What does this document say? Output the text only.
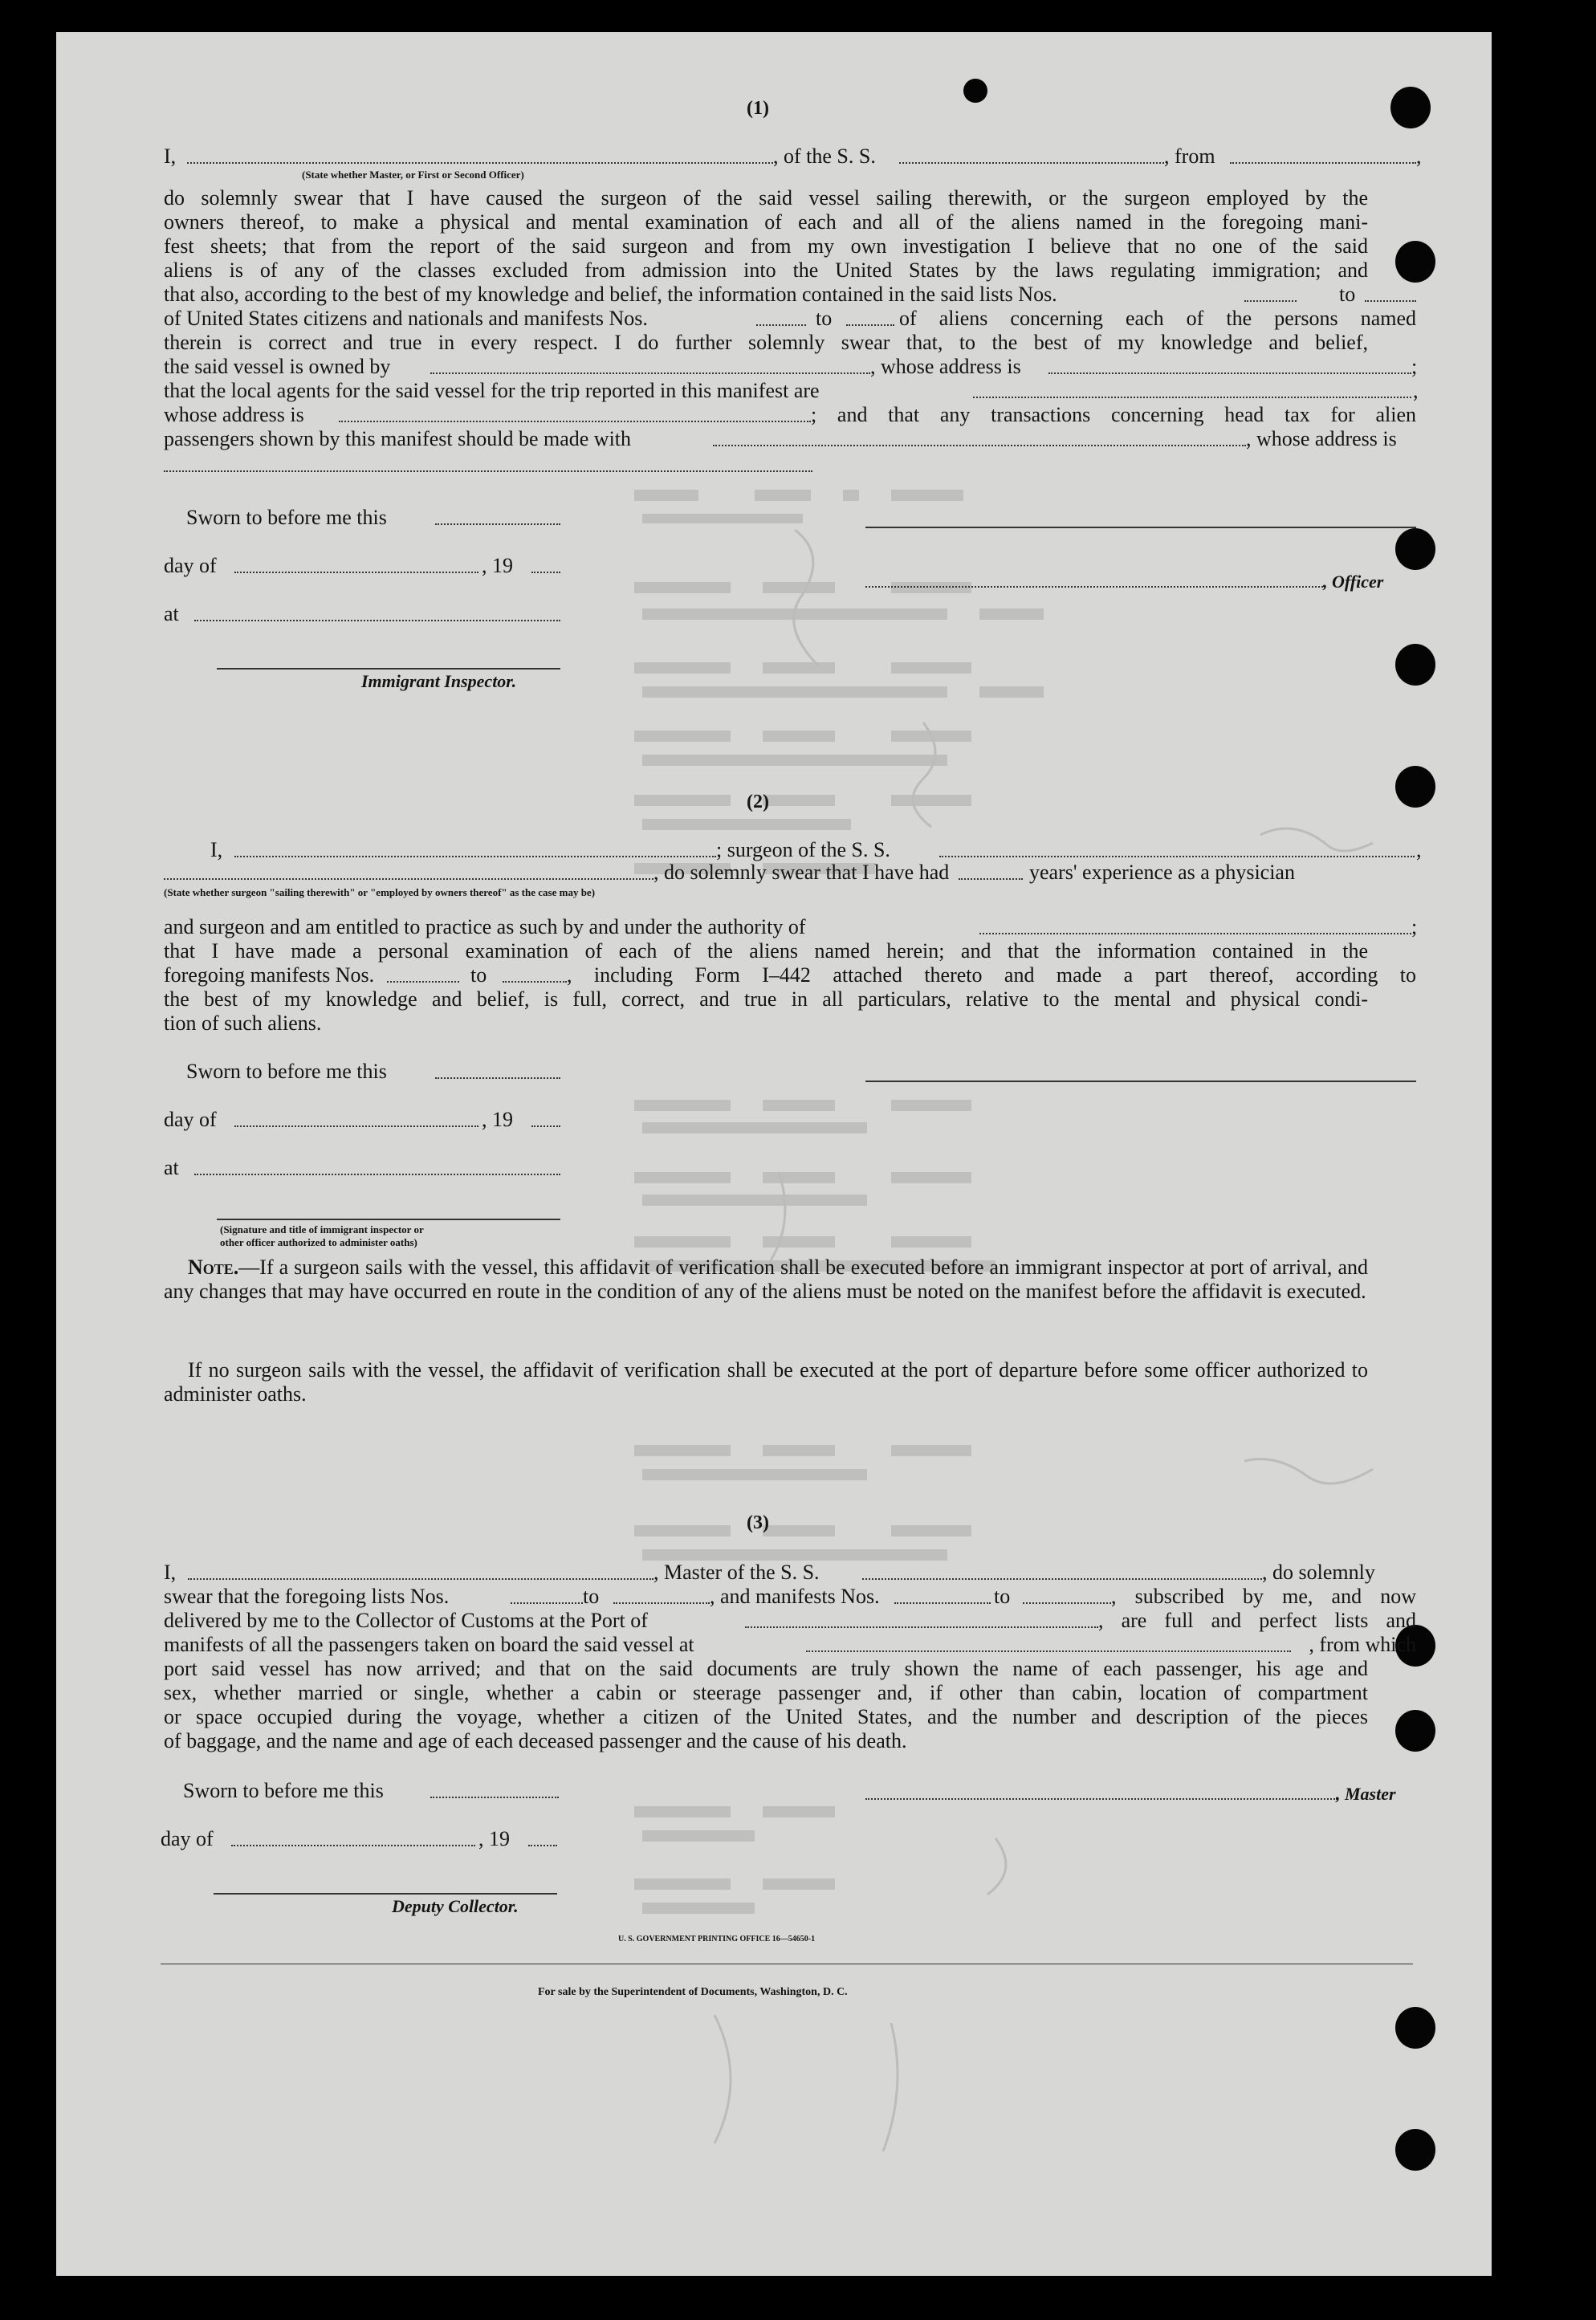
(1)
I,	, of the S. S.	, from	,
(State whether Master, or First or Second Officer)
do solemnly swear that I have caused the surgeon of the said vessel sailing therewith, or the surgeon employed by the
owners thereof, to make a physical and mental examination of each and all of the aliens named in the foregoing mani-
fest sheets; that from the report of the said surgeon and from my own investigation I believe that no one of the said
aliens is of any of the classes excluded from admission into the United States by the laws regulating immigration; and
that also, according to the best of my knowledge and belief, the information contained in the said lists Nos.	to
of United States citizens and nationals and manifests Nos.	to	of aliens concerning each of the persons named
therein is correct and true in every respect. I do further solemnly swear that, to the best of my knowledge and belief,
the said vessel is owned by	, whose address is	;
that the local agents for the said vessel for the trip reported in this manifest are	,
whose address is	; and that any transactions concerning head tax for alien
passengers shown by this manifest should be made with	, whose address is
Sworn to before me this
day of	, 19
, Officer
at
Immigrant Inspector.
(2)
I,	; surgeon of the S. S.	,
, do solemnly swear that I have had	years' experience as a physician
(State whether surgeon "sailing therewith" or "employed by owners thereof" as the case may be)
and surgeon and am entitled to practice as such by and under the authority of	;
that I have made a personal examination of each of the aliens named herein; and that the information contained in the
foregoing manifests Nos.	to	, including Form I–442 attached thereto and made a part thereof, according to
the best of my knowledge and belief, is full, correct, and true in all particulars, relative to the mental and physical condi-
tion of such aliens.
Sworn to before me this
day of	, 19
at
(Signature and title of immigrant inspector or
other officer authorized to administer oaths)
Note.—If a surgeon sails with the vessel, this affidavit of verification shall be executed before an immigrant inspector at port of arrival, and any changes that may have occurred en route in the condition of any of the aliens must be noted on the manifest before the affidavit is executed.
If no surgeon sails with the vessel, the affidavit of verification shall be executed at the port of departure before some officer authorized to administer oaths.
(3)
I,	, Master of the S. S.	, do solemnly
swear that the foregoing lists Nos.	to	, and manifests Nos.	to	, subscribed by me, and now
delivered by me to the Collector of Customs at the Port of	, are full and perfect lists and
manifests of all the passengers taken on board the said vessel at	, from which
port said vessel has now arrived; and that on the said documents are truly shown the name of each passenger, his age and
sex, whether married or single, whether a cabin or steerage passenger and, if other than cabin, location of compartment
or space occupied during the voyage, whether a citizen of the United States, and the number and description of the pieces
of baggage, and the name and age of each deceased passenger and the cause of his death.
Sworn to before me this	, Master
day of	, 19
Deputy Collector.
U. S. GOVERNMENT PRINTING OFFICE 16—54650-1
For sale by the Superintendent of Documents, Washington, D. C.
